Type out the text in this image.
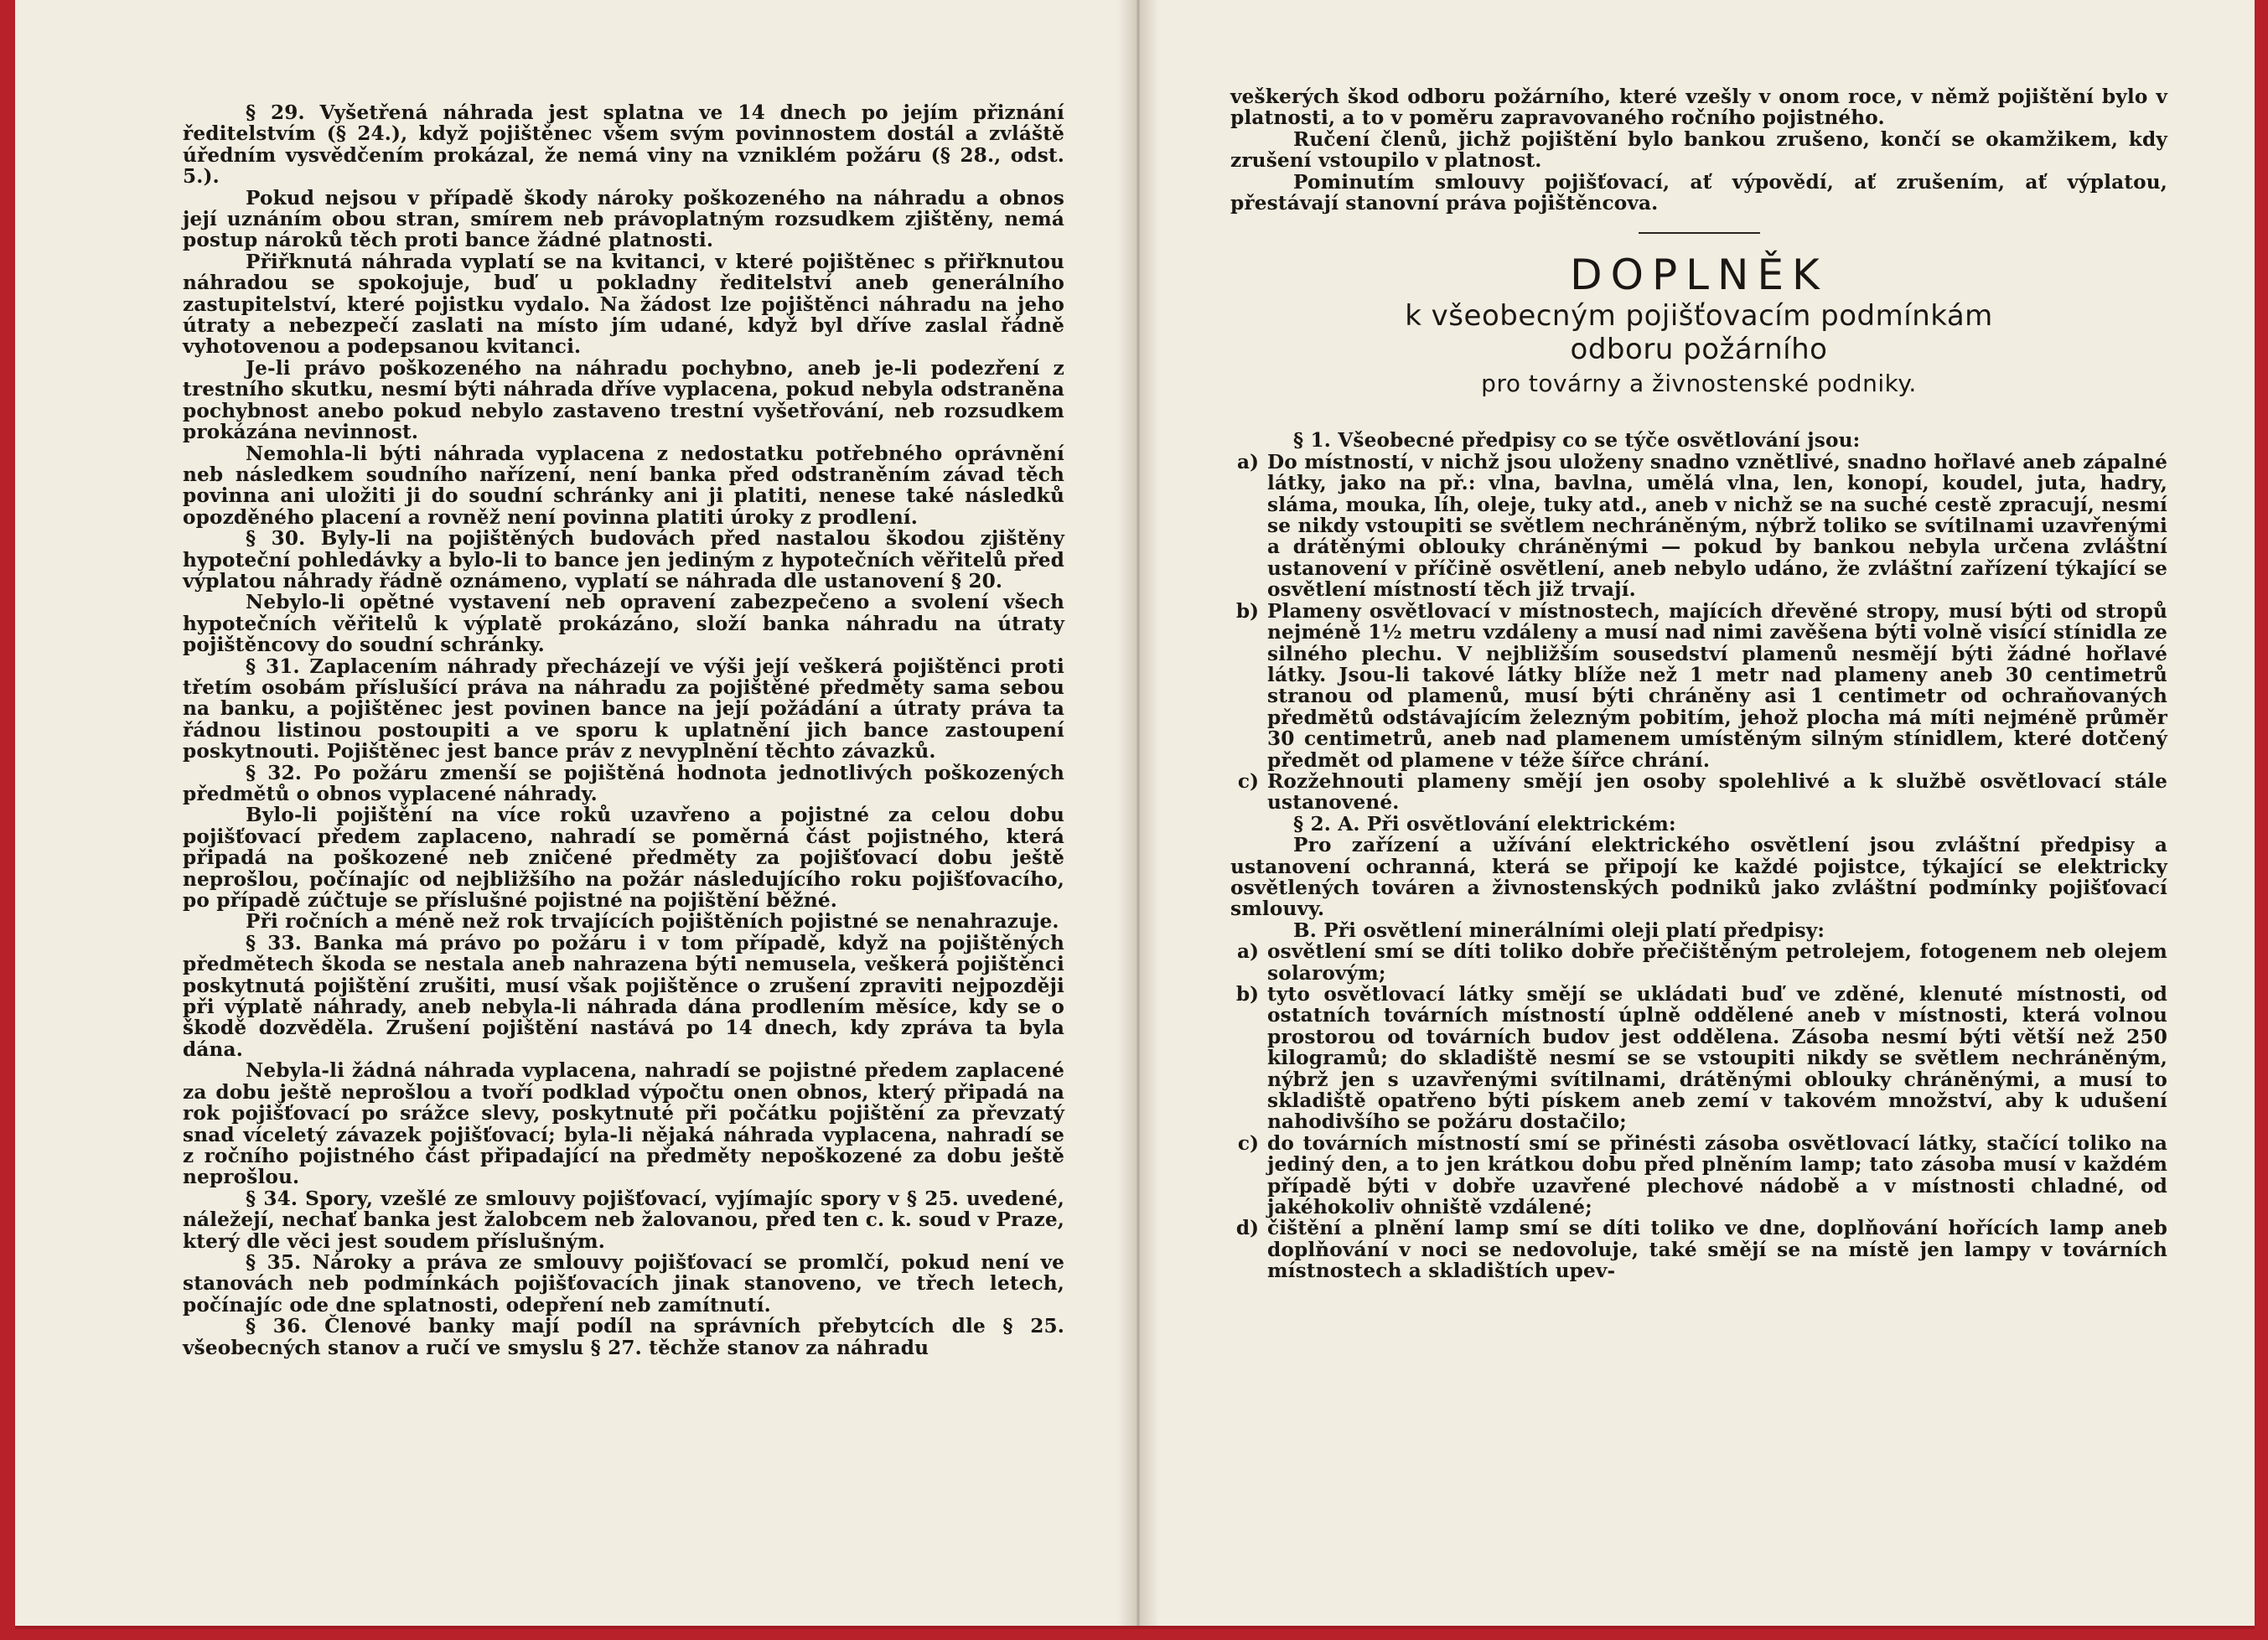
§ 29. Vyšetřená náhrada jest splatna ve 14 dnech po jejím přiznání ředitelstvím (§ 24.), když pojištěnec všem svým povinnostem dostál a zvláště úředním vysvědčením prokázal, že nemá viny na vzniklém požáru (§ 28., odst. 5.).

Pokud nejsou v případě škody nároky poškozeného na náhradu a obnos její uznáním obou stran, smírem neb právoplatným rozsudkem zjištěny, nemá postup nároků těch proti bance žádné platnosti.

Přiřknutá náhrada vyplatí se na kvitanci, v které pojištěnec s přiřknutou náhradou se spokojuje, buď u pokladny ředitelství aneb generálního zastupitelství, které pojistku vydalo. Na žádost lze pojištěnci náhradu na jeho útraty a nebezpečí zaslati na místo jím udané, když byl dříve zaslal řádně vyhotovenou a podepsanou kvitanci.

Je-li právo poškozeného na náhradu pochybno, aneb je-li podezření z trestního skutku, nesmí býti náhrada dříve vyplacena, pokud nebyla odstraněna pochybnost anebo pokud nebylo zastaveno trestní vyšetřování, neb rozsudkem prokázána nevinnost.

Nemohla-li býti náhrada vyplacena z nedostatku potřebného oprávnění neb následkem soudního nařízení, není banka před odstraněním závad těch povinna ani uložiti ji do soudní schránky ani ji platiti, nenese také následků opozděného placení a rovněž není povinna platiti úroky z prodlení.

§ 30. Byly-li na pojištěných budovách před nastalou škodou zjištěny hypoteční pohledávky a bylo-li to bance jen jediným z hypotečních věřitelů před výplatou náhrady řádně oznámeno, vyplatí se náhrada dle ustanovení § 20.

Nebylo-li opětné vystavení neb opravení zabezpečeno a svolení všech hypotečních věřitelů k výplatě prokázáno, složí banka náhradu na útraty pojištěncovy do soudní schránky.

§ 31. Zaplacením náhrady přecházejí ve výši její veškerá pojištěnci proti třetím osobám příslušící práva na náhradu za pojištěné předměty sama sebou na banku, a pojištěnec jest povinen bance na její požádání a útraty práva ta řádnou listinou postoupiti a ve sporu k uplatnění jich bance zastoupení poskytnouti. Pojištěnec jest bance práv z nevyplnění těchto závazků.

§ 32. Po požáru zmenší se pojištěná hodnota jednotlivých poškozených předmětů o obnos vyplacené náhrady.

Bylo-li pojištění na více roků uzavřeno a pojistné za celou dobu pojišťovací předem zaplaceno, nahradí se poměrná část pojistného, která připadá na poškozené neb zničené předměty za pojišťovací dobu ještě neprošlou, počínajíc od nejbližšího na požár následujícího roku pojišťovacího, po případě zúčtuje se příslušné pojistné na pojištění běžné.

Při ročních a méně než rok trvajících pojištěních pojistné se nenahrazuje.

§ 33. Banka má právo po požáru i v tom případě, když na pojištěných předmětech škoda se nestala aneb nahrazena býti nemusela, veškerá pojištěnci poskytnutá pojištění zrušiti, musí však pojištěnce o zrušení zpraviti nejpozději při výplatě náhrady, aneb nebyla-li náhrada dána prodlením měsíce, kdy se o škodě dozvěděla. Zrušení pojištění nastává po 14 dnech, kdy zpráva ta byla dána.

Nebyla-li žádná náhrada vyplacena, nahradí se pojistné předem zaplacené za dobu ještě neprošlou a tvoří podklad výpočtu onen obnos, který připadá na rok pojišťovací po srážce slevy, poskytnuté při počátku pojištění za převzatý snad víceletý závazek pojišťovací; byla-li nějaká náhrada vyplacena, nahradí se z ročního pojistného část připadající na předměty nepoškozené za dobu ještě neprošlou.

§ 34. Spory, vzešlé ze smlouvy pojišťovací, vyjímajíc spory v § 25. uvedené, náležejí, nechať banka jest žalobcem neb žalovanou, před ten c. k. soud v Praze, který dle věci jest soudem příslušným.

§ 35. Nároky a práva ze smlouvy pojišťovací se promlčí, pokud není ve stanovách neb podmínkách pojišťovacích jinak stanoveno, ve třech letech, počínajíc ode dne splatnosti, odepření neb zamítnutí.

§ 36. Členové banky mají podíl na správních přebytcích dle § 25. všeobecných stanov a ručí ve smyslu § 27. těchže stanov za náhradu

veškerých škod odboru požárního, které vzešly v onom roce, v němž pojištění bylo v platnosti, a to v poměru zapravovaného ročního pojistného.

Ručení členů, jichž pojištění bylo bankou zrušeno, končí se okamžikem, kdy zrušení vstoupilo v platnost.

Pominutím smlouvy pojišťovací, ať výpovědí, ať zrušením, ať výplatou, přestávají stanovní práva pojištěncova.

DOPLNĚK
k všeobecným pojišťovacím podmínkám
odboru požárního
pro továrny a živnostenské podniky.

§ 1. Všeobecné předpisy co se týče osvětlování jsou:

a) Do místností, v nichž jsou uloženy snadno vznětlivé, snadno hořlavé aneb zápalné látky, jako na př.: vlna, bavlna, umělá vlna, len, konopí, koudel, juta, hadry, sláma, mouka, líh, oleje, tuky atd., aneb v nichž se na suché cestě zpracují, nesmí se nikdy vstoupiti se světlem nechráněným, nýbrž toliko se svítilnami uzavřenými a drátěnými oblouky chráněnými — pokud by bankou nebyla určena zvláštní ustanovení v příčině osvětlení, aneb nebylo udáno, že zvláštní zařízení týkající se osvětlení místností těch již trvají.

b) Plameny osvětlovací v místnostech, majících dřevěné stropy, musí býti od stropů nejméně 1½ metru vzdáleny a musí nad nimi zavěšena býti volně visící stínidla ze silného plechu. V nejbližším sousedství plamenů nesmějí býti žádné hořlavé látky. Jsou-li takové látky blíže než 1 metr nad plameny aneb 30 centimetrů stranou od plamenů, musí býti chráněny asi 1 centimetr od ochraňovaných předmětů odstávajícím železným pobitím, jehož plocha má míti nejméně průměr 30 centimetrů, aneb nad plamenem umístěným silným stínidlem, které dotčený předmět od plamene v téže šířce chrání.

c) Rozžehnouti plameny smějí jen osoby spolehlivé a k službě osvětlovací stále ustanovené.

§ 2. A. Při osvětlování elektrickém:

Pro zařízení a užívání elektrického osvětlení jsou zvláštní předpisy a ustanovení ochranná, která se připojí ke každé pojistce, týkající se elektricky osvětlených továren a živnostenských podniků jako zvláštní podmínky pojišťovací smlouvy.

B. Při osvětlení minerálními oleji platí předpisy:

a) osvětlení smí se díti toliko dobře přečištěným petrolejem, fotogenem neb olejem solarovým;

b) tyto osvětlovací látky smějí se ukládati buď ve zděné, klenuté místnosti, od ostatních továrních místností úplně oddělené aneb v místnosti, která volnou prostorou od továrních budov jest oddělena. Zásoba nesmí býti větší než 250 kilogramů; do skladiště nesmí se se vstoupiti nikdy se světlem nechráněným, nýbrž jen s uzavřenými svítilnami, drátěnými oblouky chráněnými, a musí to skladiště opatřeno býti pískem aneb zemí v takovém množství, aby k udušení nahodivšího se požáru dostačilo;

c) do továrních místností smí se přinésti zásoba osvětlovací látky, stačící toliko na jediný den, a to jen krátkou dobu před plněním lamp; tato zásoba musí v každém případě býti v dobře uzavřené plechové nádobě a v místnosti chladné, od jakéhokoliv ohniště vzdálené;

d) čištění a plnění lamp smí se díti toliko ve dne, doplňování hořících lamp aneb doplňování v noci se nedovoluje, také smějí se na místě jen lampy v továrních místnostech a skladištích upev-
